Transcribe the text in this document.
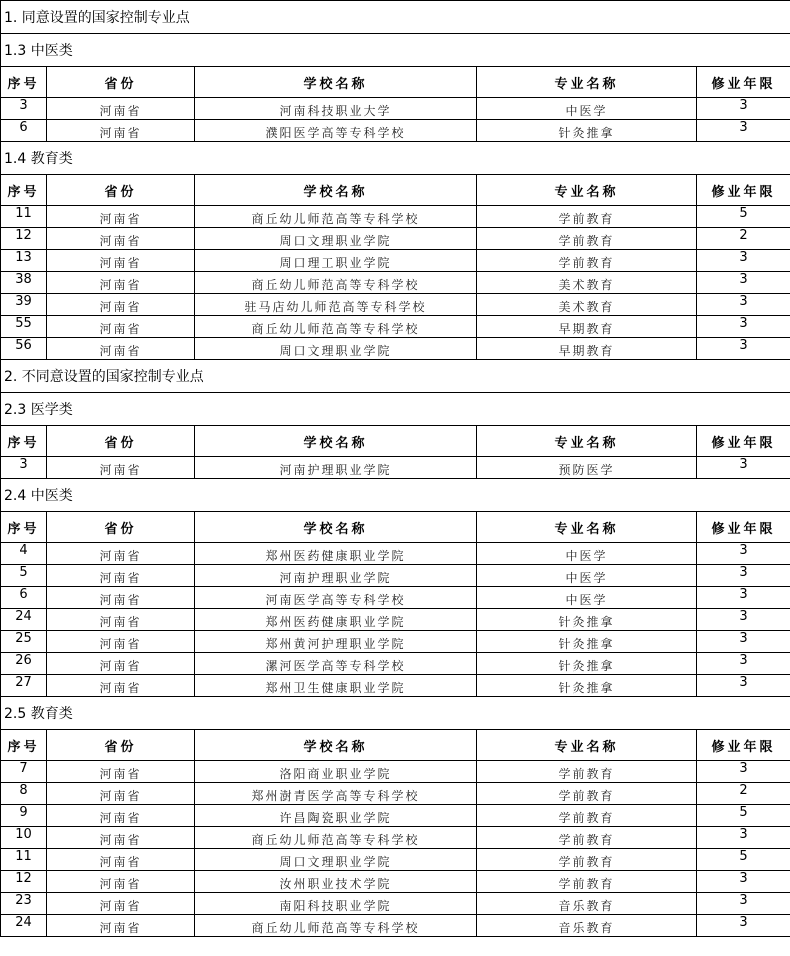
1. 同意设置的国家控制专业点				
1.3 中医类				
序号	省份	学校名称	专业名称	修业年限
3	河南省	河南科技职业大学	中医学	3
6	河南省	濮阳医学高等专科学校	针灸推拿	3
1.4 教育类				
序号	省份	学校名称	专业名称	修业年限
11	河南省	商丘幼儿师范高等专科学校	学前教育	5
12	河南省	周口文理职业学院	学前教育	2
13	河南省	周口理工职业学院	学前教育	3
38	河南省	商丘幼儿师范高等专科学校	美术教育	3
39	河南省	驻马店幼儿师范高等专科学校	美术教育	3
55	河南省	商丘幼儿师范高等专科学校	早期教育	3
56	河南省	周口文理职业学院	早期教育	3
2. 不同意设置的国家控制专业点				
2.3 医学类				
序号	省份	学校名称	专业名称	修业年限
3	河南省	河南护理职业学院	预防医学	3
2.4 中医类				
序号	省份	学校名称	专业名称	修业年限
4	河南省	郑州医药健康职业学院	中医学	3
5	河南省	河南护理职业学院	中医学	3
6	河南省	河南医学高等专科学校	中医学	3
24	河南省	郑州医药健康职业学院	针灸推拿	3
25	河南省	郑州黄河护理职业学院	针灸推拿	3
26	河南省	漯河医学高等专科学校	针灸推拿	3
27	河南省	郑州卫生健康职业学院	针灸推拿	3
2.5 教育类				
序号	省份	学校名称	专业名称	修业年限
7	河南省	洛阳商业职业学院	学前教育	3
8	河南省	郑州澍青医学高等专科学校	学前教育	2
9	河南省	许昌陶瓷职业学院	学前教育	5
10	河南省	商丘幼儿师范高等专科学校	学前教育	3
11	河南省	周口文理职业学院	学前教育	5
12	河南省	汝州职业技术学院	学前教育	3
23	河南省	南阳科技职业学院	音乐教育	3
24	河南省	商丘幼儿师范高等专科学校	音乐教育	3
